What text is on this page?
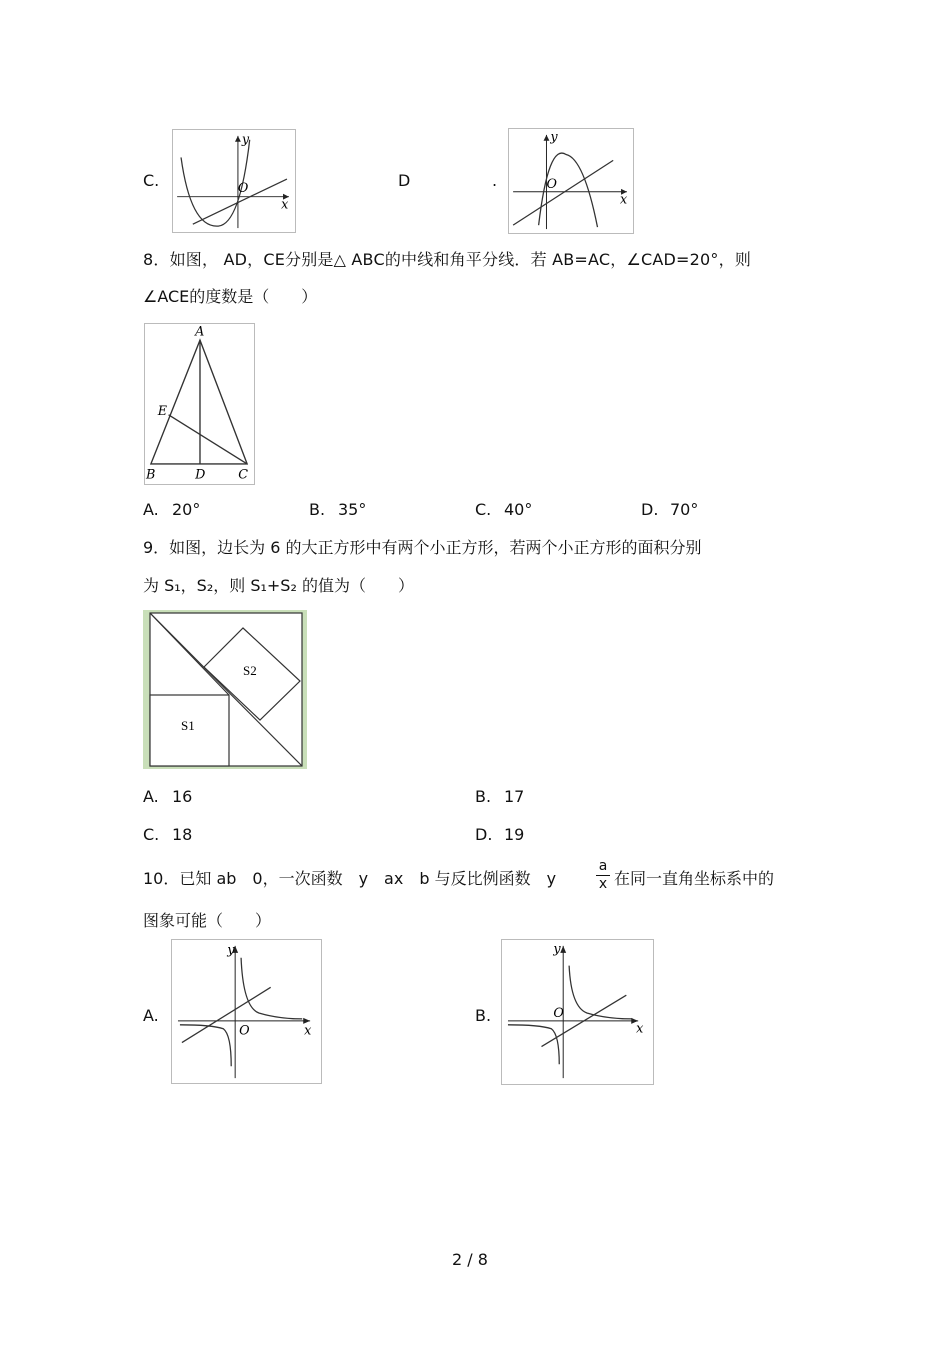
C.
y
O
x
D	.
y
O
x
8．如图， AD，CE分别是△ ABC的中线和角平分线．若 AB=AC，∠CAD=20°，则
∠ACE的度数是（　　）
A
B	C
D
E
A. 20°	B. 35°	C. 40°	D. 70°
9．如图，边长为 6 的大正方形中有两个小正方形，若两个小正方形的面积分别
为 S₁，S₂，则 S₁+S₂ 的值为（　　）
S1
S2
A. 16	B. 17
C. 18	D. 19
10．已知 ab　0，一次函数　y　ax　b 与反比例函数　y
a
x 在同一直角坐标系中的
图象可能（　　）
A.
y
O	x
B.
y
O
x
2 / 8
